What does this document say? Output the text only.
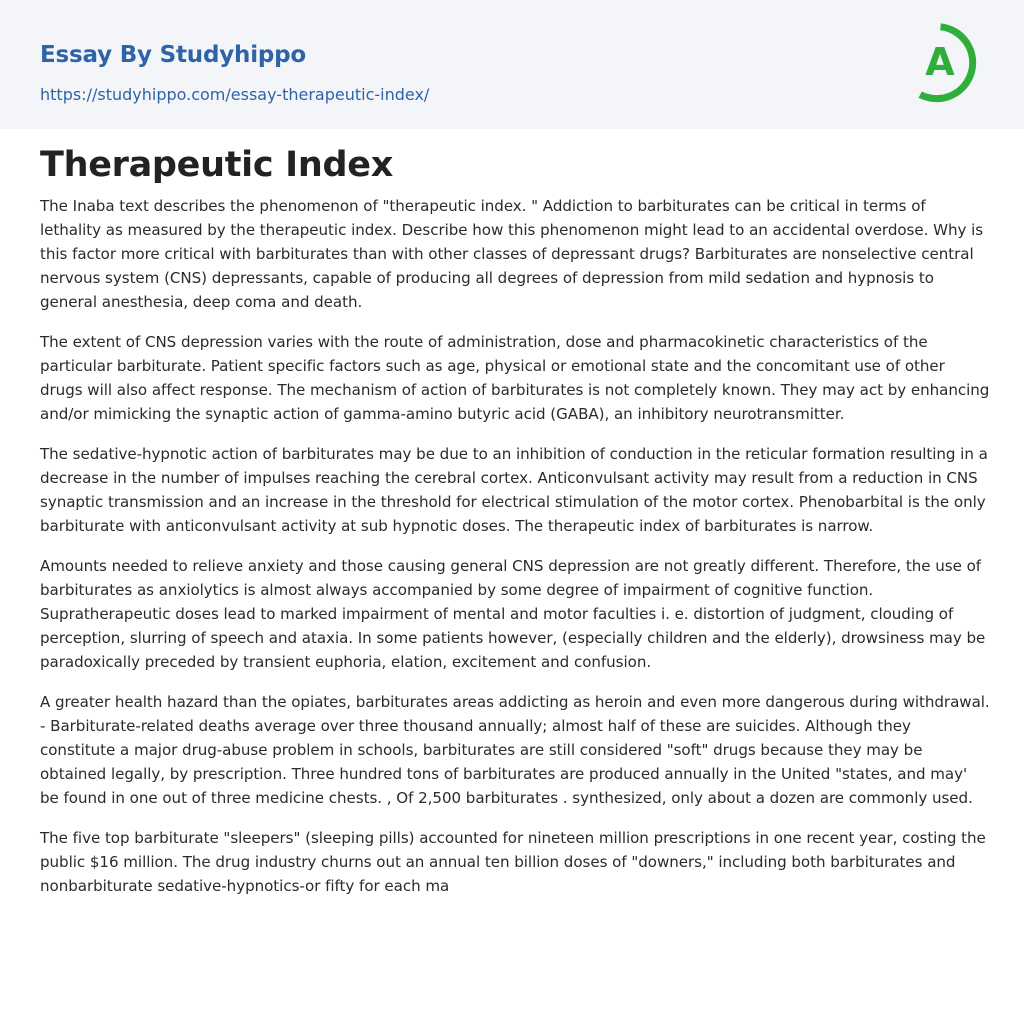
Essay By Studyhippo
https://studyhippo.com/essay-therapeutic-index/
A
Therapeutic Index

The Inaba text describes the phenomenon of "therapeutic index. " Addiction to barbiturates can be critical in terms of lethality as measured by the therapeutic index. Describe how this phenomenon might lead to an accidental overdose. Why is this factor more critical with barbiturates than with other classes of depressant drugs? Barbiturates are nonselective central nervous system (CNS) depressants, capable of producing all degrees of depression from mild sedation and hypnosis to general anesthesia, deep coma and death.

The extent of CNS depression varies with the route of administration, dose and pharmacokinetic characteristics of the particular barbiturate. Patient specific factors such as age, physical or emotional state and the concomitant use of other drugs will also affect response. The mechanism of action of barbiturates is not completely known. They may act by enhancing and/or mimicking the synaptic action of gamma-amino butyric acid (GABA), an inhibitory neurotransmitter.

The sedative-hypnotic action of barbiturates may be due to an inhibition of conduction in the reticular formation resulting in a decrease in the number of impulses reaching the cerebral cortex. Anticonvulsant activity may result from a reduction in CNS synaptic transmission and an increase in the threshold for electrical stimulation of the motor cortex. Phenobarbital is the only barbiturate with anticonvulsant activity at sub hypnotic doses. The therapeutic index of barbiturates is narrow.

Amounts needed to relieve anxiety and those causing general CNS depression are not greatly different. Therefore, the use of barbiturates as anxiolytics is almost always accompanied by some degree of impairment of cognitive function. Supratherapeutic doses lead to marked impairment of mental and motor faculties i. e. distortion of judgment, clouding of perception, slurring of speech and ataxia. In some patients however, (especially children and the elderly), drowsiness may be paradoxically preceded by transient euphoria, elation, excitement and confusion.

A greater health hazard than the opiates, barbiturates areas addicting as heroin and even more dangerous during withdrawal. - Barbiturate-related deaths average over three thousand annually; almost half of these are suicides. Although they constitute a major drug-abuse problem in schools, barbiturates are still considered "soft" drugs because they may be obtained legally, by prescription. Three hundred tons of barbiturates are produced annually in the United "states, and may' be found in one out of three medicine chests. , Of 2,500 barbiturates . synthesized, only about a dozen are commonly used.

The five top barbiturate "sleepers" (sleeping pills) accounted for nineteen million prescriptions in one recent year, costing the public $16 million. The drug industry churns out an annual ten billion doses of "downers," including both barbiturates and nonbarbiturate sedative-hypnotics-or fifty for each ma
